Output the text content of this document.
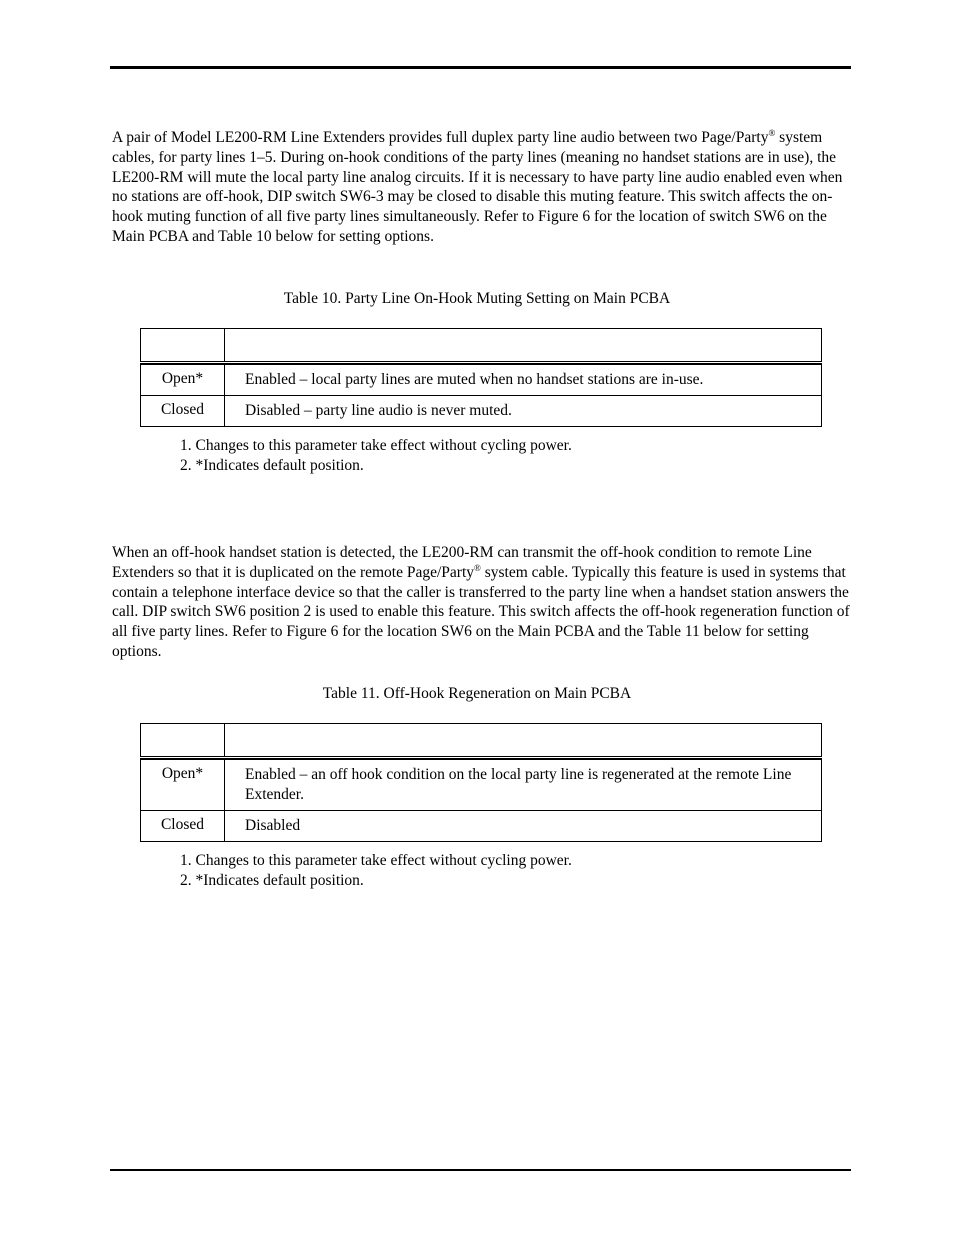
A pair of Model LE200-RM Line Extenders provides full duplex party line audio between two Page/Party® system cables, for party lines 1–5. During on-hook conditions of the party lines (meaning no handset stations are in use), the LE200-RM will mute the local party line analog circuits. If it is necessary to have party line audio enabled even when no stations are off-hook, DIP switch SW6-3 may be closed to disable this muting feature. This switch affects the on-hook muting function of all five party lines simultaneously. Refer to Figure 6 for the location of switch SW6 on the Main PCBA and Table 10 below for setting options.

Table 10. Party Line On-Hook Muting Setting on Main PCBA

Open*	Enabled – local party lines are muted when no handset stations are in-use.
Closed	Disabled – party line audio is never muted.
1. Changes to this parameter take effect without cycling power.
2. *Indicates default position.

When an off-hook handset station is detected, the LE200-RM can transmit the off-hook condition to remote Line Extenders so that it is duplicated on the remote Page/Party® system cable. Typically this feature is used in systems that contain a telephone interface device so that the caller is transferred to the party line when a handset station answers the call. DIP switch SW6 position 2 is used to enable this feature. This switch affects the off-hook regeneration function of all five party lines. Refer to Figure 6 for the location SW6 on the Main PCBA and the Table 11 below for setting options.

Table 11. Off-Hook Regeneration on Main PCBA

Open*	Enabled – an off hook condition on the local party line is regenerated at the remote Line Extender.
Closed	Disabled
1. Changes to this parameter take effect without cycling power.
2. *Indicates default position.
